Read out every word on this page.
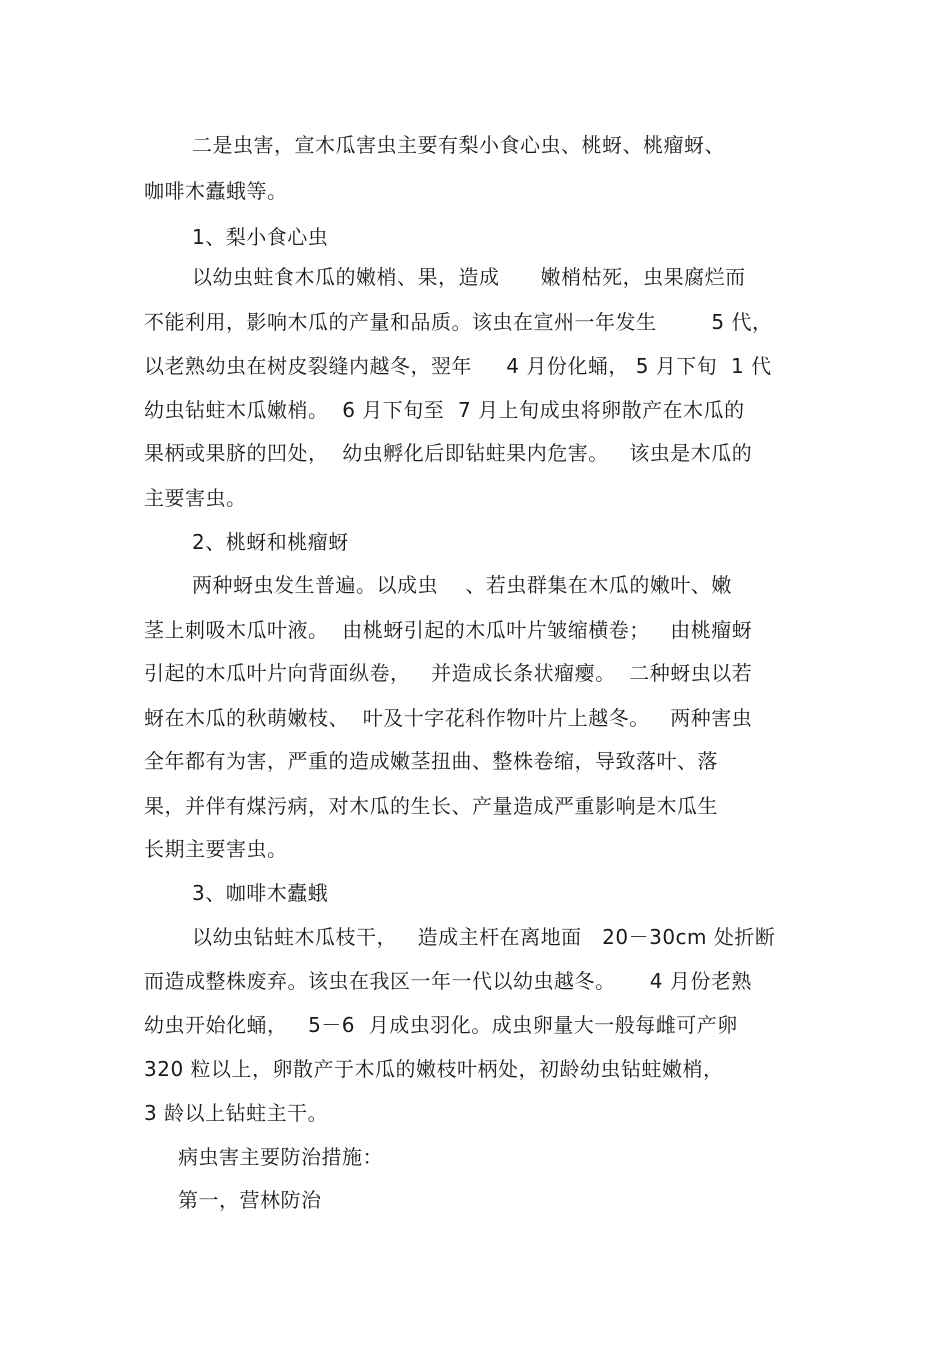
二是虫害，宣木瓜害虫主要有梨小食心虫、桃蚜、桃瘤蚜、
咖啡木蠹蛾等。
1、梨小食心虫
以幼虫蛀食木瓜的嫩梢、果，造成      嫩梢枯死，虫果腐烂而
不能利用，影响木瓜的产量和品质。该虫在宣州一年发生        5 代，
以老熟幼虫在树皮裂缝内越冬，翌年     4 月份化蛹， 5 月下旬  1 代
幼虫钻蛀木瓜嫩梢。  6 月下旬至  7 月上旬成虫将卵散产在木瓜的
果柄或果脐的凹处，  幼虫孵化后即钻蛀果内危害。   该虫是木瓜的
主要害虫。
2、桃蚜和桃瘤蚜
两种蚜虫发生普遍。以成虫    、若虫群集在木瓜的嫩叶、嫩
茎上刺吸木瓜叶液。  由桃蚜引起的木瓜叶片皱缩横卷；   由桃瘤蚜
引起的木瓜叶片向背面纵卷，   并造成长条状瘤瘿。  二种蚜虫以若
蚜在木瓜的秋萌嫩枝、  叶及十字花科作物叶片上越冬。   两种害虫
全年都有为害，严重的造成嫩茎扭曲、整株卷缩，导致落叶、落
果，并伴有煤污病，对木瓜的生长、产量造成严重影响是木瓜生
长期主要害虫。
3、咖啡木蠹蛾
以幼虫钻蛀木瓜枝干，   造成主杆在离地面   20－30cm 处折断
而造成整株废弃。该虫在我区一年一代以幼虫越冬。     4 月份老熟
幼虫开始化蛹，   5－6  月成虫羽化。成虫卵量大一般每雌可产卵
320 粒以上，卵散产于木瓜的嫩枝叶柄处，初龄幼虫钻蛀嫩梢，
3 龄以上钻蛀主干。
病虫害主要防治措施：
第一，营林防治
